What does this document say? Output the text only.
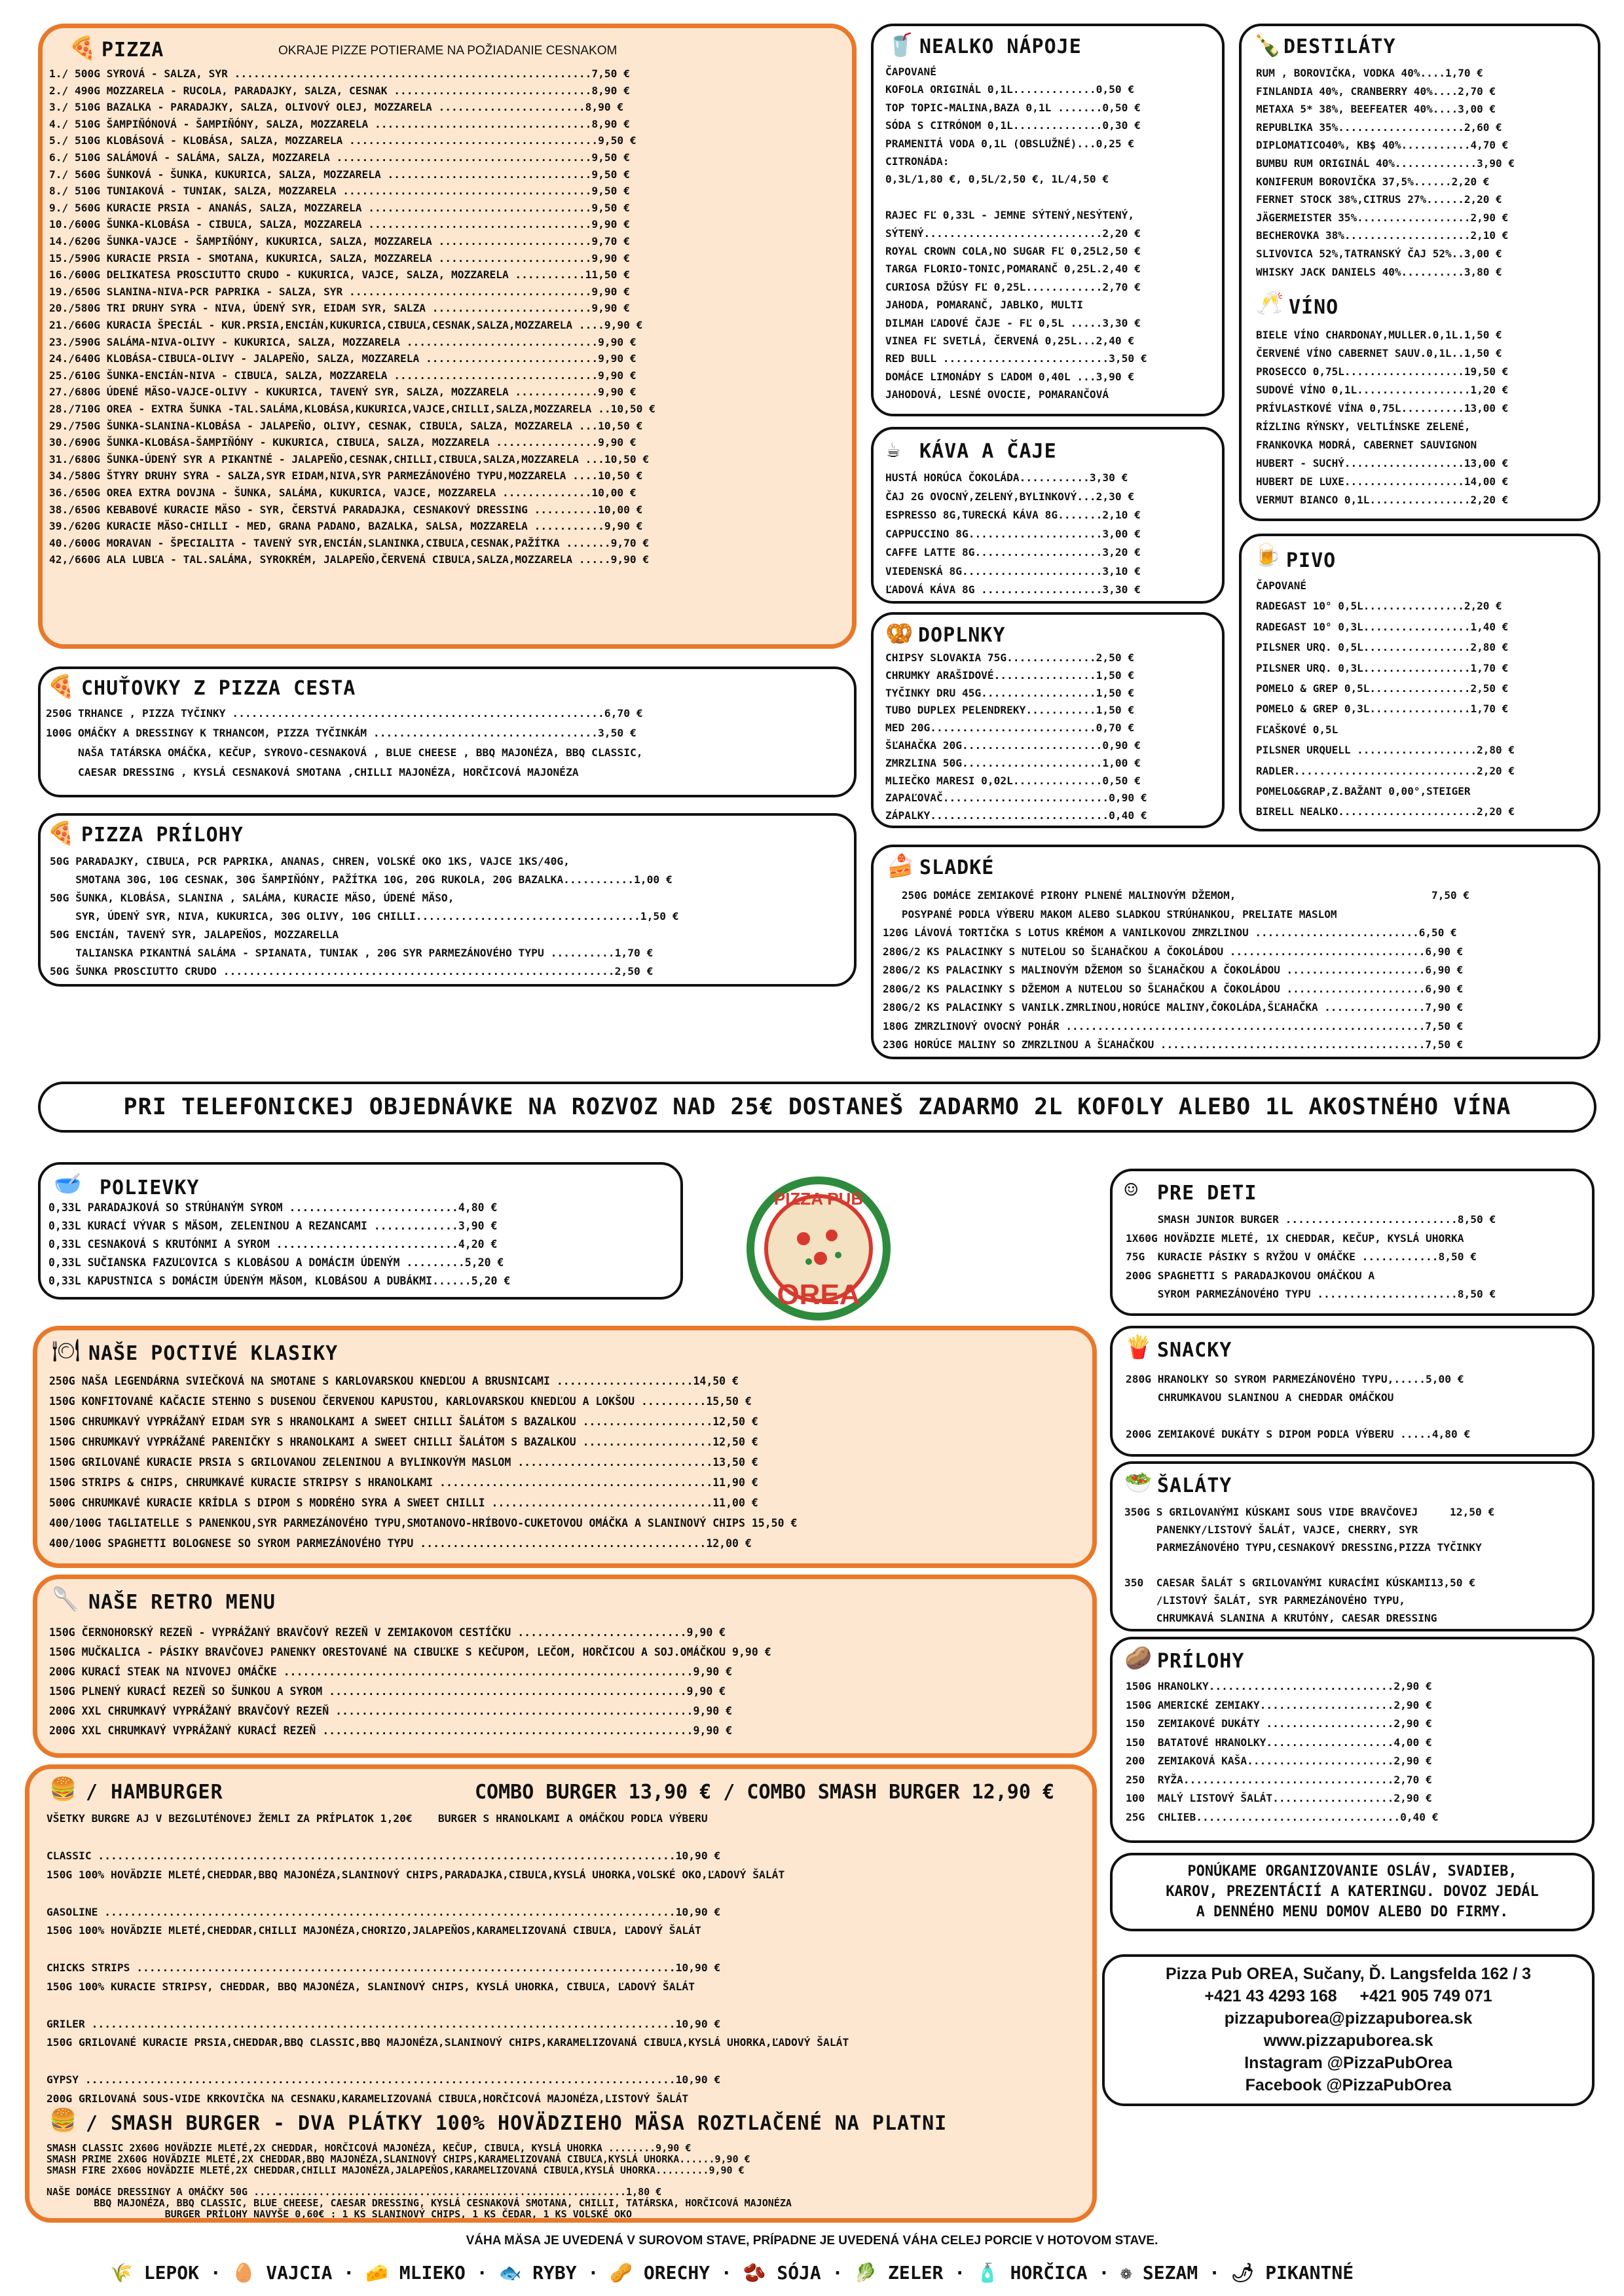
🍕 PIZZA	OKRAJE PIZZE POTIERAME NA POŽIADANIE CESNAKOM
1./ 500G SYROVÁ - SALZA, SYR ........................................................7,50 €
2./ 490G MOZZARELA - RUCOLA, PARADAJKY, SALZA, CESNAK ...............................8,90 €
3./ 510G BAZALKA - PARADAJKY, SALZA, OLIVOVÝ OLEJ, MOZZARELA .......................8,90 €
4./ 510G ŠAMPIŇÓNOVÁ - ŠAMPIŇÓNY, SALZA, MOZZARELA ..................................8,90 €
5./ 510G KLOBÁSOVÁ - KLOBÁSA, SALZA, MOZZARELA .......................................9,50 €
6./ 510G SALÁMOVÁ - SALÁMA, SALZA, MOZZARELA ........................................9,50 €
7./ 560G ŠUNKOVÁ - ŠUNKA, KUKURICA, SALZA, MOZZARELA ................................9,50 €
8./ 510G TUNIAKOVÁ - TUNIAK, SALZA, MOZZARELA .......................................9,50 €
9./ 560G KURACIE PRSIA - ANANÁS, SALZA, MOZZARELA ...................................9,50 €
10./600G ŠUNKA-KLOBÁSA - CIBUĽA, SALZA, MOZZARELA ...................................9,90 €
14./620G ŠUNKA-VAJCE - ŠAMPIŇÓNY, KUKURICA, SALZA, MOZZARELA ........................9,70 €
15./590G KURACIE PRSIA - SMOTANA, KUKURICA, SALZA, MOZZARELA ........................9,90 €
16./600G DELIKATESA PROSCIUTTO CRUDO - KUKURICA, VAJCE, SALZA, MOZZARELA ...........11,50 €
19./650G SLANINA-NIVA-PCR PAPRIKA - SALZA, SYR ......................................9,90 €
20./580G TRI DRUHY SYRA - NIVA, ÚDENÝ SYR, EIDAM SYR, SALZA .........................9,90 €
21./660G KURACIA ŠPECIÁL - KUR.PRSIA,ENCIÁN,KUKURICA,CIBUĽA,CESNAK,SALZA,MOZZARELA ....9,90 €
23./590G SALÁMA-NIVA-OLIVY - KUKURICA, SALZA, MOZZARELA ..............................9,90 €
24./640G KLOBÁSA-CIBUĽA-OLIVY - JALAPEŇO, SALZA, MOZZARELA ...........................9,90 €
25./610G ŠUNKA-ENCIÁN-NIVA - CIBUĽA, SALZA, MOZZARELA ................................9,90 €
27./680G ÚDENÉ MÄSO-VAJCE-OLIVY - KUKURICA, TAVENÝ SYR, SALZA, MOZZARELA .............9,90 €
28./710G OREA - EXTRA ŠUNKA -TAL.SALÁMA,KLOBÁSA,KUKURICA,VAJCE,CHILLI,SALZA,MOZZARELA ..10,50 €
29./750G ŠUNKA-SLANINA-KLOBÁSA - JALAPEŇO, OLIVY, CESNAK, CIBUĽA, SALZA, MOZZARELA ...10,50 €
30./690G ŠUNKA-KLOBÁSA-ŠAMPIŇÓNY - KUKURICA, CIBUĽA, SALZA, MOZZARELA ................9,90 €
31./680G ŠUNKA-ÚDENÝ SYR A PIKANTNÉ - JALAPEŇO,CESNAK,CHILLI,CIBUĽA,SALZA,MOZZARELA ...10,50 €
34./580G ŠTYRY DRUHY SYRA - SALZA,SYR EIDAM,NIVA,SYR PARMEZÁNOVÉHO TYPU,MOZZARELA ....10,50 €
36./650G OREA EXTRA DOVJNA - ŠUNKA, SALÁMA, KUKURICA, VAJCE, MOZZARELA ..............10,00 €
38./650G KEBABOVÉ KURACIE MÄSO - SYR, ČERSTVÁ PARADAJKA, CESNAKOVÝ DRESSING ..........10,00 €
39./620G KURACIE MÄSO-CHILLI - MED, GRANA PADANO, BAZALKA, SALSA, MOZZARELA ...........9,90 €
40./600G MORAVAN - ŠPECIALITA - TAVENÝ SYR,ENCIÁN,SLANINKA,CIBUĽA,CESNAK,PAŽÍTKA .......9,70 €
42,/660G ALA LUBĽA - TAL.SALÁMA, SYROKRÉM, JALAPEŇO,ČERVENÁ CIBUĽA,SALZA,MOZZARELA .....9,90 €
🍕 CHUŤOVKY Z PIZZA CESTA
250G TRHANCE , PIZZA TYČINKY ..........................................................6,70 €
100G OMÁČKY A DRESSINGY K TRHANCOM, PIZZA TYČINKÁM ...................................3,50 €
NAŠA TATÁRSKA OMÁČKA, KEČUP, SYROVO-CESNAKOVÁ , BLUE CHEESE , BBQ MAJONÉZA, BBQ CLASSIC,
CAESAR DRESSING , KYSLÁ CESNAKOVÁ SMOTANA ,CHILLI MAJONÉZA, HORČICOVÁ MAJONÉZA
🍕 PIZZA PRÍLOHY
50G PARADAJKY, CIBUĽA, PCR PAPRIKA, ANANAS, CHREN, VOLSKÉ OKO 1KS, VAJCE 1KS/40G,
SMOTANA 30G, 10G CESNAK, 30G ŠAMPIŇÓNY, PAŽÍTKA 10G, 20G RUKOLA, 20G BAZALKA...........1,00 €
50G ŠUNKA, KLOBÁSA, SLANINA , SALÁMA, KURACIE MÄSO, ÚDENÉ MÄSO,
SYR, ÚDENÝ SYR, NIVA, KUKURICA, 30G OLIVY, 10G CHILLI...................................1,50 €
50G ENCIÁN, TAVENÝ SYR, JALAPEŇOS, MOZZARELLA
TALIANSKA PIKANTNÁ SALÁMA - SPIANATA, TUNIAK , 20G SYR PARMEZÁNOVÉHO TYPU ..........1,70 €
50G ŠUNKA PROSCIUTTO CRUDO .............................................................2,50 €
🥤 NEALKO NÁPOJE
ČAPOVANÉ
KOFOLA ORIGINÁL 0,1L.............0,50 €
TOP TOPIC-MALINA,BAZA 0,1L .......0,50 €
SÓDA S CITRÓNOM 0,1L..............0,30 €
PRAMENITÁ VODA 0,1L (OBSLUŽNÉ)...0,25 €
CITRONÁDA:
0,3L/1,80 €, 0,5L/2,50 €, 1L/4,50 €
RAJEC FĽ 0,33L - JEMNE SÝTENÝ,NESÝTENÝ,
SÝTENÝ............................2,20 €
ROYAL CROWN COLA,NO SUGAR FĽ 0,25L2,50 €
TARGA FLORIO-TONIC,POMARANČ 0,25L.2,40 €
CURIOSA DŽÚSY FĽ 0,25L............2,70 €
JAHODA, POMARANČ, JABLKO, MULTI
DILMAH ĽADOVÉ ČAJE - FĽ 0,5L .....3,30 €
VINEA FĽ SVETLÁ, ČERVENÁ 0,25L...2,40 €
RED BULL ..........................3,50 €
DOMÁCE LIMONÁDY S ĽADOM 0,40L ...3,90 €
JAHODOVÁ, LESNÉ OVOCIE, POMARANČOVÁ
☕ KÁVA A ČAJE
HUSTÁ HORÚCA ČOKOLÁDA...........3,30 €
ČAJ 2G OVOCNÝ,ZELENÝ,BYLINKOVÝ...2,30 €
ESPRESSO 8G,TURECKÁ KÁVA 8G.......2,10 €
CAPPUCCINO 8G.....................3,00 €
CAFFE LATTE 8G....................3,20 €
VIEDENSKÁ 8G......................3,10 €
ĽADOVÁ KÁVA 8G ...................3,30 €
🥨 DOPLNKY
CHIPSY SLOVAKIA 75G..............2,50 €
CHRUMKY ARAŠIDOVÉ................1,50 €
TYČINKY DRU 45G..................1,50 €
TUBO DUPLEX PELENDREKY...........1,50 €
MED 20G..........................0,70 €
ŠĽAHAČKA 20G......................0,90 €
ZMRZLINA 50G......................1,00 €
MLIEČKO MARESI 0,02L..............0,50 €
ZAPAĽOVAČ..........................0,90 €
ZÁPALKY............................0,40 €
🍾 DESTILÁTY
RUM , BOROVIČKA, VODKA 40%....1,70 €
FINLANDIA 40%, CRANBERRY 40%....2,70 €
METAXA 5* 38%, BEEFEATER 40%....3,00 €
REPUBLIKA 35%....................2,60 €
DIPLOMATICO40%, KB$ 40%...........4,70 €
BUMBU RUM ORIGINÁL 40%.............3,90 €
KONIFERUM BOROVIČKA 37,5%......2,20 €
FERNET STOCK 38%,CITRUS 27%......2,20 €
JÄGERMEISTER 35%..................2,90 €
BECHEROVKA 38%....................2,10 €
SLIVOVICA 52%,TATRANSKÝ ČAJ 52%..3,00 €
WHISKY JACK DANIELS 40%..........3,80 €
🥂 VÍNO
BIELE VÍNO CHARDONAY,MULLER.0,1L.1,50 €
ČERVENÉ VÍNO CABERNET SAUV.0,1L..1,50 €
PROSECCO 0,75L...................19,50 €
SUDOVÉ VÍNO 0,1L..................1,20 €
PRÍVLASTKOVÉ VÍNA 0,75L..........13,00 €
RÍZLING RÝNSKY, VELTLÍNSKE ZELENÉ,
FRANKOVKA MODRÁ, CABERNET SAUVIGNON
HUBERT - SUCHÝ...................13,00 €
HUBERT DE LUXE...................14,00 €
VERMUT BIANCO 0,1L................2,20 €
🍺 PIVO
ČAPOVANÉ
RADEGAST 10° 0,5L................2,20 €
RADEGAST 10° 0,3L.................1,40 €
PILSNER URQ. 0,5L.................2,80 €
PILSNER URQ. 0,3L.................1,70 €
POMELO & GREP 0,5L................2,50 €
POMELO & GREP 0,3L................1,70 €
FĽAŠKOVÉ 0,5L
PILSNER URQUELL ...................2,80 €
RADLER.............................2,20 €
POMELO&GRAP,Z.BAŽANT 0,00°,STEIGER
BIRELL NEALKO......................2,20 €
🍰 SLADKÉ
250G DOMÁCE ZEMIAKOVÉ PIROHY PLNENÉ MALINOVÝM DŽEMOM,                               7,50 €
POSYPANÉ PODĽA VÝBERU MAKOM ALEBO SLADKOU STRÚHANKOU, PRELIATE MASLOM
120G LÁVOVÁ TORTIČKA S LOTUS KRÉMOM A VANILKOVOU ZMRZLINOU ..........................6,50 €
280G/2 KS PALACINKY S NUTELOU SO ŠĽAHAČKOU A ČOKOLÁDOU ...............................6,90 €
280G/2 KS PALACINKY S MALINOVÝM DŽEMOM SO ŠĽAHAČKOU A ČOKOLÁDOU ......................6,90 €
280G/2 KS PALACINKY S DŽEMOM A NUTELOU SO ŠĽAHAČKOU A ČOKOLÁDOU ......................6,90 €
280G/2 KS PALACINKY S VANILK.ZMRLINOU,HORÚCE MALINY,ČOKOLÁDA,ŠĽAHAČKA ................7,90 €
180G ZMRZLINOVÝ OVOCNÝ POHÁR .........................................................7,50 €
230G HORÚCE MALINY SO ZMRZLINOU A ŠĽAHAČKOU ..........................................7,50 €
PRI TELEFONICKEJ OBJEDNÁVKE NA ROZVOZ NAD 25€ DOSTANEŠ ZADARMO 2L KOFOLY ALEBO 1L AKOSTNÉHO VÍNA
🥣 POLIEVKY
0,33L PARADAJKOVÁ SO STRÚHANÝM SYROM ..........................4,80 €
0,33L KURACÍ VÝVAR S MÄSOM, ZELENINOU A REZANCAMI .............3,90 €
0,33L CESNAKOVÁ S KRUTÓNMI A SYROM ............................4,20 €
0,33L SUČIANSKA FAZUĽOVICA S KLOBÁSOU A DOMÁCIM ÚDENÝM .........5,20 €
0,33L KAPUSTNICA S DOMÁCIM ÚDENÝM MÄSOM, KLOBÁSOU A DUBÁKMI......5,20 €
PIZZA PUB
OREA
☺ PRE DETI
SMASH JUNIOR BURGER ...........................8,50 €
1X60G HOVÄDZIE MLETÉ, 1X CHEDDAR, KEČUP, KYSLÁ UHORKA
75G  KURACIE PÁSIKY S RYŽOU V OMÁČKE ............8,50 €
200G SPAGHETTI S PARADAJKOVOU OMÁČKOU A
SYROM PARMEZÁNOVÉHO TYPU ......................8,50 €
🍽 NAŠE POCTIVÉ KLASIKY
250G NAŠA LEGENDÁRNA SVIEČKOVÁ NA SMOTANE S KARLOVARSKOU KNEDĽOU A BRUSNICAMI .....................14,50 €
150G KONFITOVANÉ KAČACIE STEHNO S DUSENOU ČERVENOU KAPUSTOU, KARLOVARSKOU KNEDĽOU A LOKŠOU ..........15,50 €
150G CHRUMKAVÝ VYPRÁŽANÝ EIDAM SYR S HRANOLKAMI A SWEET CHILLI ŠALÁTOM S BAZALKOU ....................12,50 €
150G CHRUMKAVÝ VYPRÁŽANÉ PARENIČKY S HRANOLKAMI A SWEET CHILLI ŠALÁTOM S BAZALKOU ....................12,50 €
150G GRILOVANÉ KURACIE PRSIA S GRILOVANOU ZELENINOU A BYLINKOVÝM MASLOM ..............................13,50 €
150G STRIPS & CHIPS, CHRUMKAVÉ KURACIE STRIPSY S HRANOLKAMI ..........................................11,90 €
500G CHRUMKAVÉ KURACIE KRÍDLA S DIPOM S MODRÉHO SYRA A SWEET CHILLI ..................................11,00 €
400/100G TAGLIATELLE S PANENKOU,SYR PARMEZÁNOVÉHO TYPU,SMOTANOVO-HRÍBOVO-CUKETOVOU OMÁČKA A SLANINOVÝ CHIPS 15,50 €
400/100G SPAGHETTI BOLOGNESE SO SYROM PARMEZÁNOVÉHO TYPU ............................................12,00 €
🍟 SNACKY
280G HRANOLKY SO SYROM PARMEZÁNOVÉHO TYPU,.....5,00 €
CHRUMKAVOU SLANINOU A CHEDDAR OMÁČKOU
200G ZEMIAKOVÉ DUKÁTY S DIPOM PODĽA VÝBERU .....4,80 €
🥗 ŠALÁTY
350G S GRILOVANÝMI KÚSKAMI SOUS VIDE BRAVČOVEJ     12,50 €
PANENKY/LISTOVÝ ŠALÁT, VAJCE, CHERRY, SYR
PARMEZÁNOVÉHO TYPU,CESNAKOVÝ DRESSING,PIZZA TYČINKY
350  CAESAR ŠALÁT S GRILOVANÝMI KURACÍMI KÚSKAMI13,50 €
/LISTOVÝ ŠALÁT, SYR PARMEZÁNOVÉHO TYPU,
CHRUMKAVÁ SLANINA A KRUTÓNY, CAESAR DRESSING
🥄 NAŠE RETRO MENU
150G ČERNOHORSKÝ REZEŇ - VYPRÁŽANÝ BRAVČOVÝ REZEŇ V ZEMIAKOVOM CESTÍČKU ..........................9,90 €
150G MUČKALICA - PÁSIKY BRAVČOVEJ PANENKY ORESTOVANÉ NA CIBUĽKE S KEČUPOM, LEČOM, HORČICOU A SOJ.OMÁČKOU 9,90 €
200G KURACÍ STEAK NA NIVOVEJ OMÁČKE ...............................................................9,90 €
150G PLNENÝ KURACÍ REZEŇ SO ŠUNKOU A SYROM .......................................................9,90 €
200G XXL CHRUMKAVÝ VYPRÁŽANÝ BRAVČOVÝ REZEŇ .......................................................9,90 €
200G XXL CHRUMKAVÝ VYPRÁŽANÝ KURACÍ REZEŇ .........................................................9,90 €
🥔 PRÍLOHY
150G HRANOLKY.............................2,90 €
150G AMERICKÉ ZEMIAKY.....................2,90 €
150  ZEMIAKOVÉ DUKÁTY ....................2,90 €
150  BATATOVÉ HRANOLKY....................4,00 €
200  ZEMIAKOVÁ KAŠA.......................2,90 €
250  RYŽA.................................2,70 €
100  MALÝ LISTOVÝ ŠALÁT...................2,90 €
25G  CHLIEB................................0,40 €
🍔 / HAMBURGER	COMBO BURGER 13,90 € / COMBO SMASH BURGER 12,90 €
VŠETKY BURGRE AJ V BEZGLUTÉNOVEJ ŽEMLI ZA PRÍPLATOK 1,20€    BURGER S HRANOLKAMI A OMÁČKOU PODĽA VÝBERU
CLASSIC ..........................................................................................10,90 €
150G 100% HOVÄDZIE MLETÉ,CHEDDAR,BBQ MAJONÉZA,SLANINOVÝ CHIPS,PARADAJKA,CIBUĽA,KYSLÁ UHORKA,VOLSKÉ OKO,ĽADOVÝ ŠALÁT
GASOLINE .........................................................................................10,90 €
150G 100% HOVÄDZIE MLETÉ,CHEDDAR,CHILLI MAJONÉZA,CHORIZO,JALAPEŇOS,KARAMELIZOVANÁ CIBUĽA, ĽADOVÝ ŠALÁT
CHICKS STRIPS ....................................................................................10,90 €
150G 100% KURACIE STRIPSY, CHEDDAR, BBQ MAJONÉZA, SLANINOVÝ CHIPS, KYSLÁ UHORKA, CIBUĽA, ĽADOVÝ ŠALÁT
GRILER ...........................................................................................10,90 €
150G GRILOVANÉ KURACIE PRSIA,CHEDDAR,BBQ CLASSIC,BBQ MAJONÉZA,SLANINOVÝ CHIPS,KARAMELIZOVANÁ CIBUĽA,KYSLÁ UHORKA,ĽADOVÝ ŠALÁT
GYPSY ............................................................................................10,90 €
200G GRILOVANÁ SOUS-VIDE KRKOVIČKA NA CESNAKU,KARAMELIZOVANÁ CIBUĽA,HORČICOVÁ MAJONÉZA,LISTOVÝ ŠALÁT
🍔 / SMASH BURGER - DVA PLÁTKY 100% HOVÄDZIEHO MÄSA ROZTLAČENÉ NA PLATNI
SMASH CLASSIC 2X60G HOVÄDZIE MLETÉ,2X CHEDDAR, HORČICOVÁ MAJONÉZA, KEČUP, CIBUĽA, KYSLÁ UHORKA ........9,90 €
SMASH PRIME 2X60G HOVÄDZIE MLETÉ,2X CHEDDAR,BBQ MAJONÉZA,SLANINOVÝ CHIPS,KARAMELIZOVANÁ CIBUĽA,KYSLÁ UHORKA......9,90 €
SMASH FIRE 2X60G HOVÄDZIE MLETÉ,2X CHEDDAR,CHILLI MAJONÉZA,JALAPEŇOS,KARAMELIZOVANÁ CIBUĽA,KYSLÁ UHORKA.........9,90 €
NAŠE DOMÁCE DRESSINGY A OMÁČKY 50G ...............................................................1,80 €
BBQ MAJONÉZA, BBQ CLASSIC, BLUE CHEESE, CAESAR DRESSING, KYSLÁ CESNAKOVÁ SMOTANA, CHILLI, TATÁRSKA, HORČICOVÁ MAJONÉZA
BURGER PRÍLOHY NAVYŠE 0,60€ : 1 KS SLANINOVÝ CHIPS, 1 KS ČEDAR, 1 KS VOLSKÉ OKO
PONÚKAME ORGANIZOVANIE OSLÁV, SVADIEB,
KAROV, PREZENTÁCIÍ A KATERINGU. DOVOZ JEDÁL
A DENNÉHO MENU DOMOV ALEBO DO FIRMY.
Pizza Pub OREA, Sučany, Ď. Langsfelda 162 / 3
+421 43 4293 168     +421 905 749 071
pizzapuborea@pizzapuborea.sk
www.pizzapuborea.sk
Instagram @PizzaPubOrea
Facebook @PizzaPubOrea
VÁHA MÄSA JE UVEDENÁ V SUROVOM STAVE, PRÍPADNE JE UVEDENÁ VÁHA CELEJ PORCIE V HOTOVOM STAVE.
🌾 LEPOK · 🥚 VAJCIA · 🧀 MLIEKO · 🐟 RYBY · 🥜 ORECHY · 🫘 SÓJA · 🥬 ZELER · 🧴 HORČICA · ❁ SEZAM · 🌶 PIKANTNÉ
